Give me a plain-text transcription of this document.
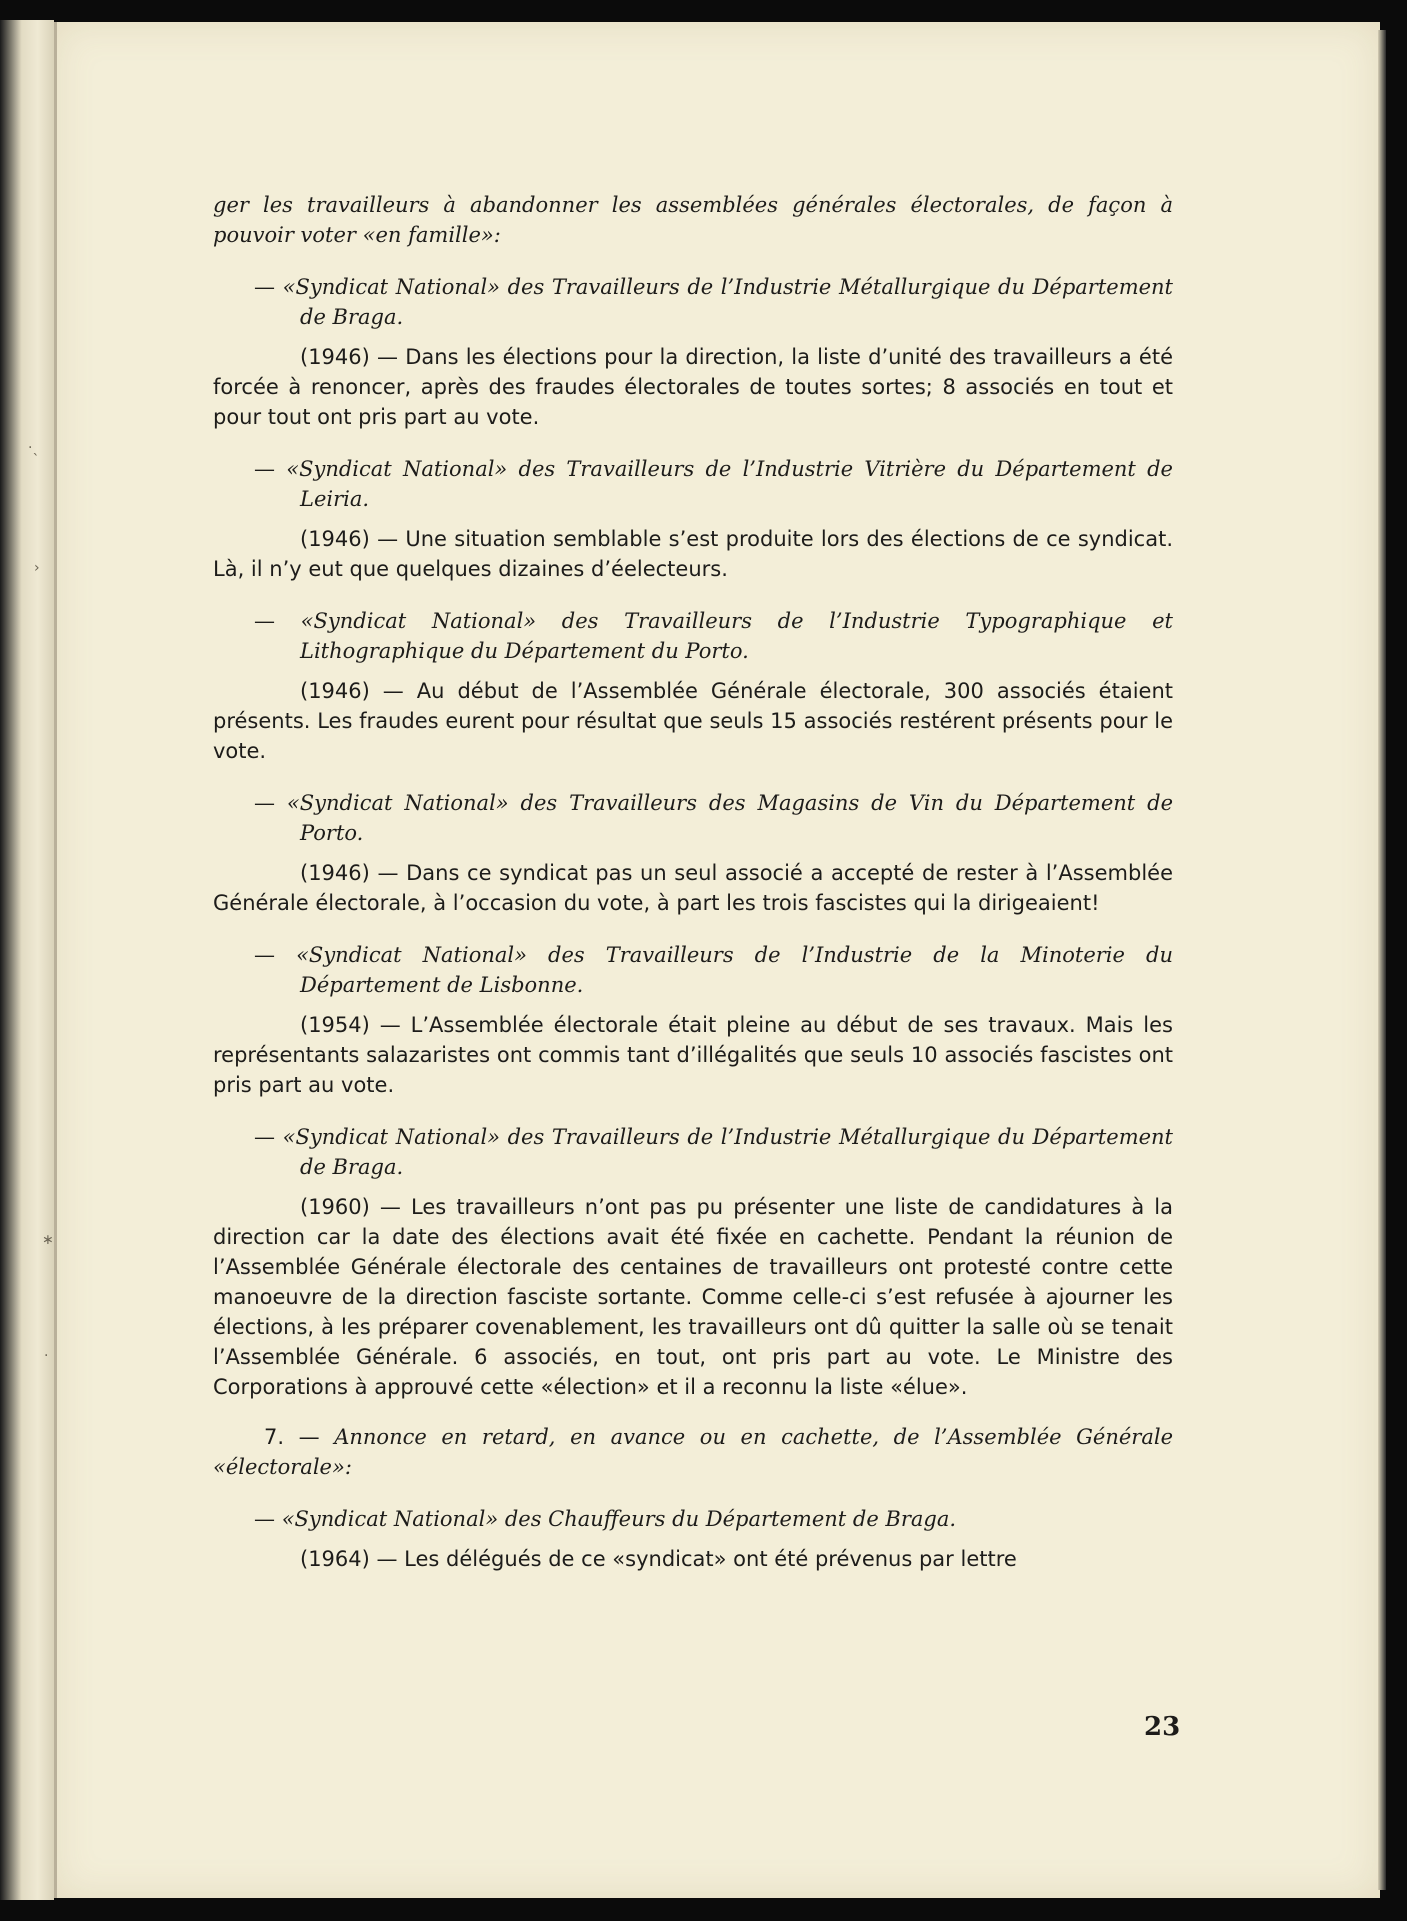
·ˎ
›
∗
·

ger les travailleurs à abandonner les assemblées générales électorales, de façon à pouvoir voter «en famille»:

— «Syndicat National» des Travailleurs de l’Industrie Métallurgique du Département de Braga.

(1946) — Dans les élections pour la direction, la liste d’unité des travailleurs a été forcée à renoncer, après des fraudes électorales de toutes sortes; 8 associés en tout et pour tout ont pris part au vote.

— «Syndicat National» des Travailleurs de l’Industrie Vitrière du Département de Leiria.

(1946) — Une situation semblable s’est produite lors des élections de ce syndicat. Là, il n’y eut que quelques dizaines d’éelecteurs.

— «Syndicat National» des Travailleurs de l’Industrie Typographique et Lithographique du Département du Porto.

(1946) — Au début de l’Assemblée Générale électorale, 300 associés étaient présents. Les fraudes eurent pour résultat que seuls 15 associés restérent présents pour le vote.

— «Syndicat National» des Travailleurs des Magasins de Vin du Département de Porto.

(1946) — Dans ce syndicat pas un seul associé a accepté de rester à l’Assemblée Générale électorale, à l’occasion du vote, à part les trois fascistes qui la dirigeaient!

— «Syndicat National» des Travailleurs de l’Industrie de la Minoterie du Département de Lisbonne.

(1954) — L’Assemblée électorale était pleine au début de ses travaux. Mais les représentants salazaristes ont commis tant d’illégalités que seuls 10 associés fascistes ont pris part au vote.

— «Syndicat National» des Travailleurs de l’Industrie Métallurgique du Département de Braga.

(1960) — Les travailleurs n’ont pas pu présenter une liste de candidatures à la direction car la date des élections avait été fixée en cachette. Pendant la réunion de l’Assemblée Générale électorale des centaines de travailleurs ont protesté contre cette manoeuvre de la direction fasciste sortante. Comme celle-ci s’est refusée à ajourner les élections, à les préparer covenablement, les travailleurs ont dû quitter la salle où se tenait l’Assemblée Générale. 6 associés, en tout, ont pris part au vote. Le Ministre des Corporations à approuvé cette «élection» et il a reconnu la liste «élue».

7. — Annonce en retard, en avance ou en cachette, de l’Assemblée Générale «électorale»:

— «Syndicat National» des Chauffeurs du Département de Braga.

(1964) — Les délégués de ce «syndicat» ont été prévenus par lettre

23
